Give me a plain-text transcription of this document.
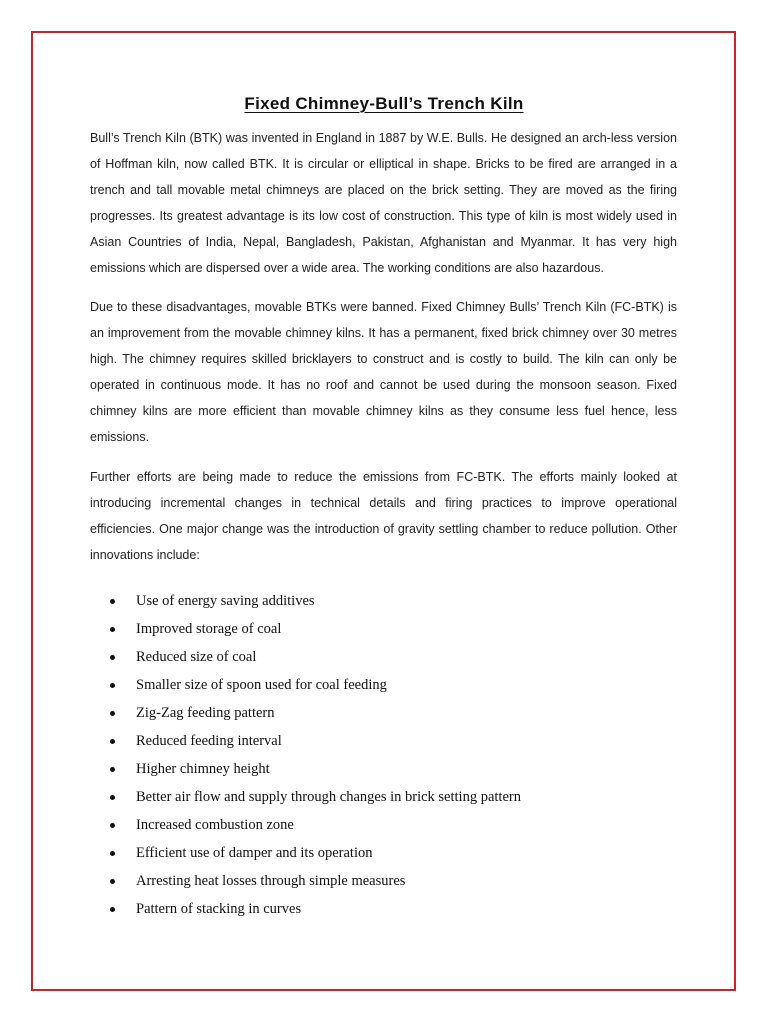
Fixed Chimney-Bull’s Trench Kiln

Bull’s Trench Kiln (BTK) was invented in England in 1887 by W.E. Bulls. He designed an arch-less version of Hoffman kiln, now called BTK. It is circular or elliptical in shape. Bricks to be fired are arranged in a trench and tall movable metal chimneys are placed on the brick setting. They are moved as the firing progresses. Its greatest advantage is its low cost of construction. This type of kiln is most widely used in Asian Countries of India, Nepal, Bangladesh, Pakistan, Afghanistan and Myanmar. It has very high emissions which are dispersed over a wide area. The working conditions are also hazardous.

Due to these disadvantages, movable BTKs were banned. Fixed Chimney Bulls’ Trench Kiln (FC-BTK) is an improvement from the movable chimney kilns. It has a permanent, fixed brick chimney over 30 metres high. The chimney requires skilled bricklayers to construct and is costly to build. The kiln can only be operated in continuous mode. It has no roof and cannot be used during the monsoon season. Fixed chimney kilns are more efficient than movable chimney kilns as they consume less fuel hence, less emissions.

Further efforts are being made to reduce the emissions from FC-BTK. The efforts mainly looked at introducing incremental changes in technical details and firing practices to improve operational efficiencies. One major change was the introduction of gravity settling chamber to reduce pollution. Other innovations include:

Use of energy saving additives
Improved storage of coal
Reduced size of coal
Smaller size of spoon used for coal feeding
Zig-Zag feeding pattern
Reduced feeding interval
Higher chimney height
Better air flow and supply through changes in brick setting pattern
Increased combustion zone
Efficient use of damper and its operation
Arresting heat losses through simple measures
Pattern of stacking in curves
